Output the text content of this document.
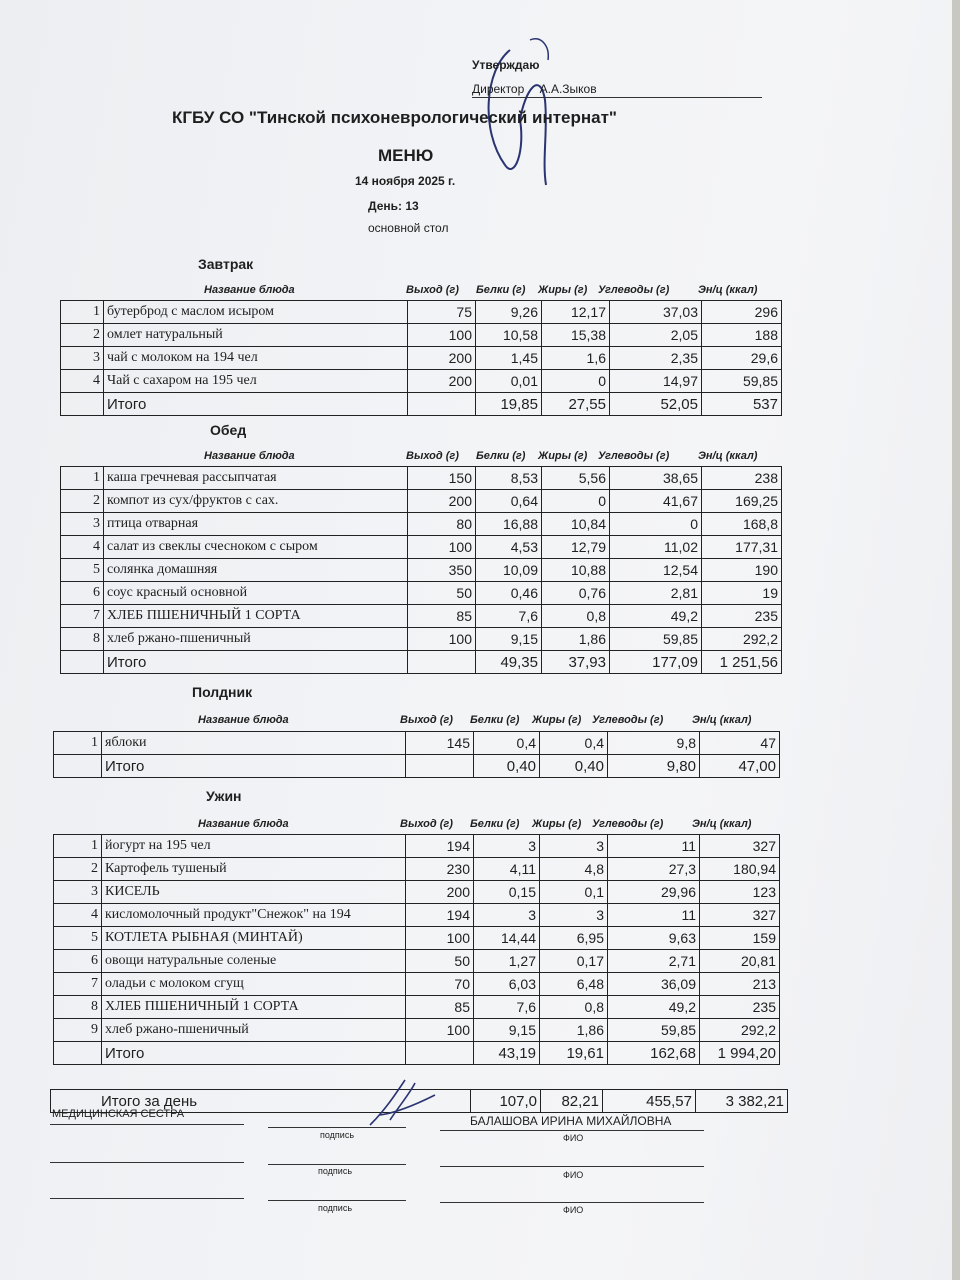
Утверждаю
Директор А.А.Зыков
КГБУ СО "Тинской психоневрологический интернат"
МЕНЮ
14 ноября 2025 г.
День: 13
основной стол
Завтрак
Название блюда	Выход (г) Белки (г) Жиры (г) Углеводы (г)	Эн/ц (ккал)
1	бутерброд с маслом исыром	75	9,26	12,17	37,03	296
2	омлет натуральный	100	10,58	15,38	2,05	188
3	чай с молоком на 194 чел	200	1,45	1,6	2,35	29,6
4	Чай с сахаром на 195 чел	200	0,01	0	14,97	59,85
	Итого		19,85	27,55	52,05	537
Обед
Название блюда	Выход (г) Белки (г) Жиры (г) Углеводы (г)	Эн/ц (ккал)
1	каша гречневая рассыпчатая	150	8,53	5,56	38,65	238
2	компот из сух/фруктов с сах.	200	0,64	0	41,67	169,25
3	птица отварная	80	16,88	10,84	0	168,8
4	салат из свеклы счесноком с сыром	100	4,53	12,79	11,02	177,31
5	солянка домашняя	350	10,09	10,88	12,54	190
6	соус красный основной	50	0,46	0,76	2,81	19
7	ХЛЕБ ПШЕНИЧНЫЙ 1 СОРТА	85	7,6	0,8	49,2	235
8	хлеб ржано-пшеничный	100	9,15	1,86	59,85	292,2
	Итого		49,35	37,93	177,09	1 251,56
Полдник
Название блюда	Выход (г) Белки (г) Жиры (г) Углеводы (г)	Эн/ц (ккал)
1	яблоки	145	0,4	0,4	9,8	47
	Итого		0,40	0,40	9,80	47,00
Ужин
Название блюда	Выход (г) Белки (г) Жиры (г) Углеводы (г)	Эн/ц (ккал)
1	йогурт на 195 чел	194	3	3	11	327
2	Картофель тушеный	230	4,11	4,8	27,3	180,94
3	КИСЕЛЬ	200	0,15	0,1	29,96	123
4	кисломолочный продукт"Снежок" на 194	194	3	3	11	327
5	КОТЛЕТА РЫБНАЯ (МИНТАЙ)	100	14,44	6,95	9,63	159
6	овощи натуральные соленые	50	1,27	0,17	2,71	20,81
7	оладьи с молоком сгущ	70	6,03	6,48	36,09	213
8	ХЛЕБ ПШЕНИЧНЫЙ 1 СОРТА	85	7,6	0,8	49,2	235
9	хлеб ржано-пшеничный	100	9,15	1,86	59,85	292,2
	Итого		43,19	19,61	162,68	1 994,20
Итого за день	107,0	82,21	455,57	3 382,21
МЕДИЦИНСКАЯ СЕСТРА	БАЛАШОВА ИРИНА МИХАЙЛОВНА
подпись	ФИО
подпись	ФИО
подпись	ФИО
